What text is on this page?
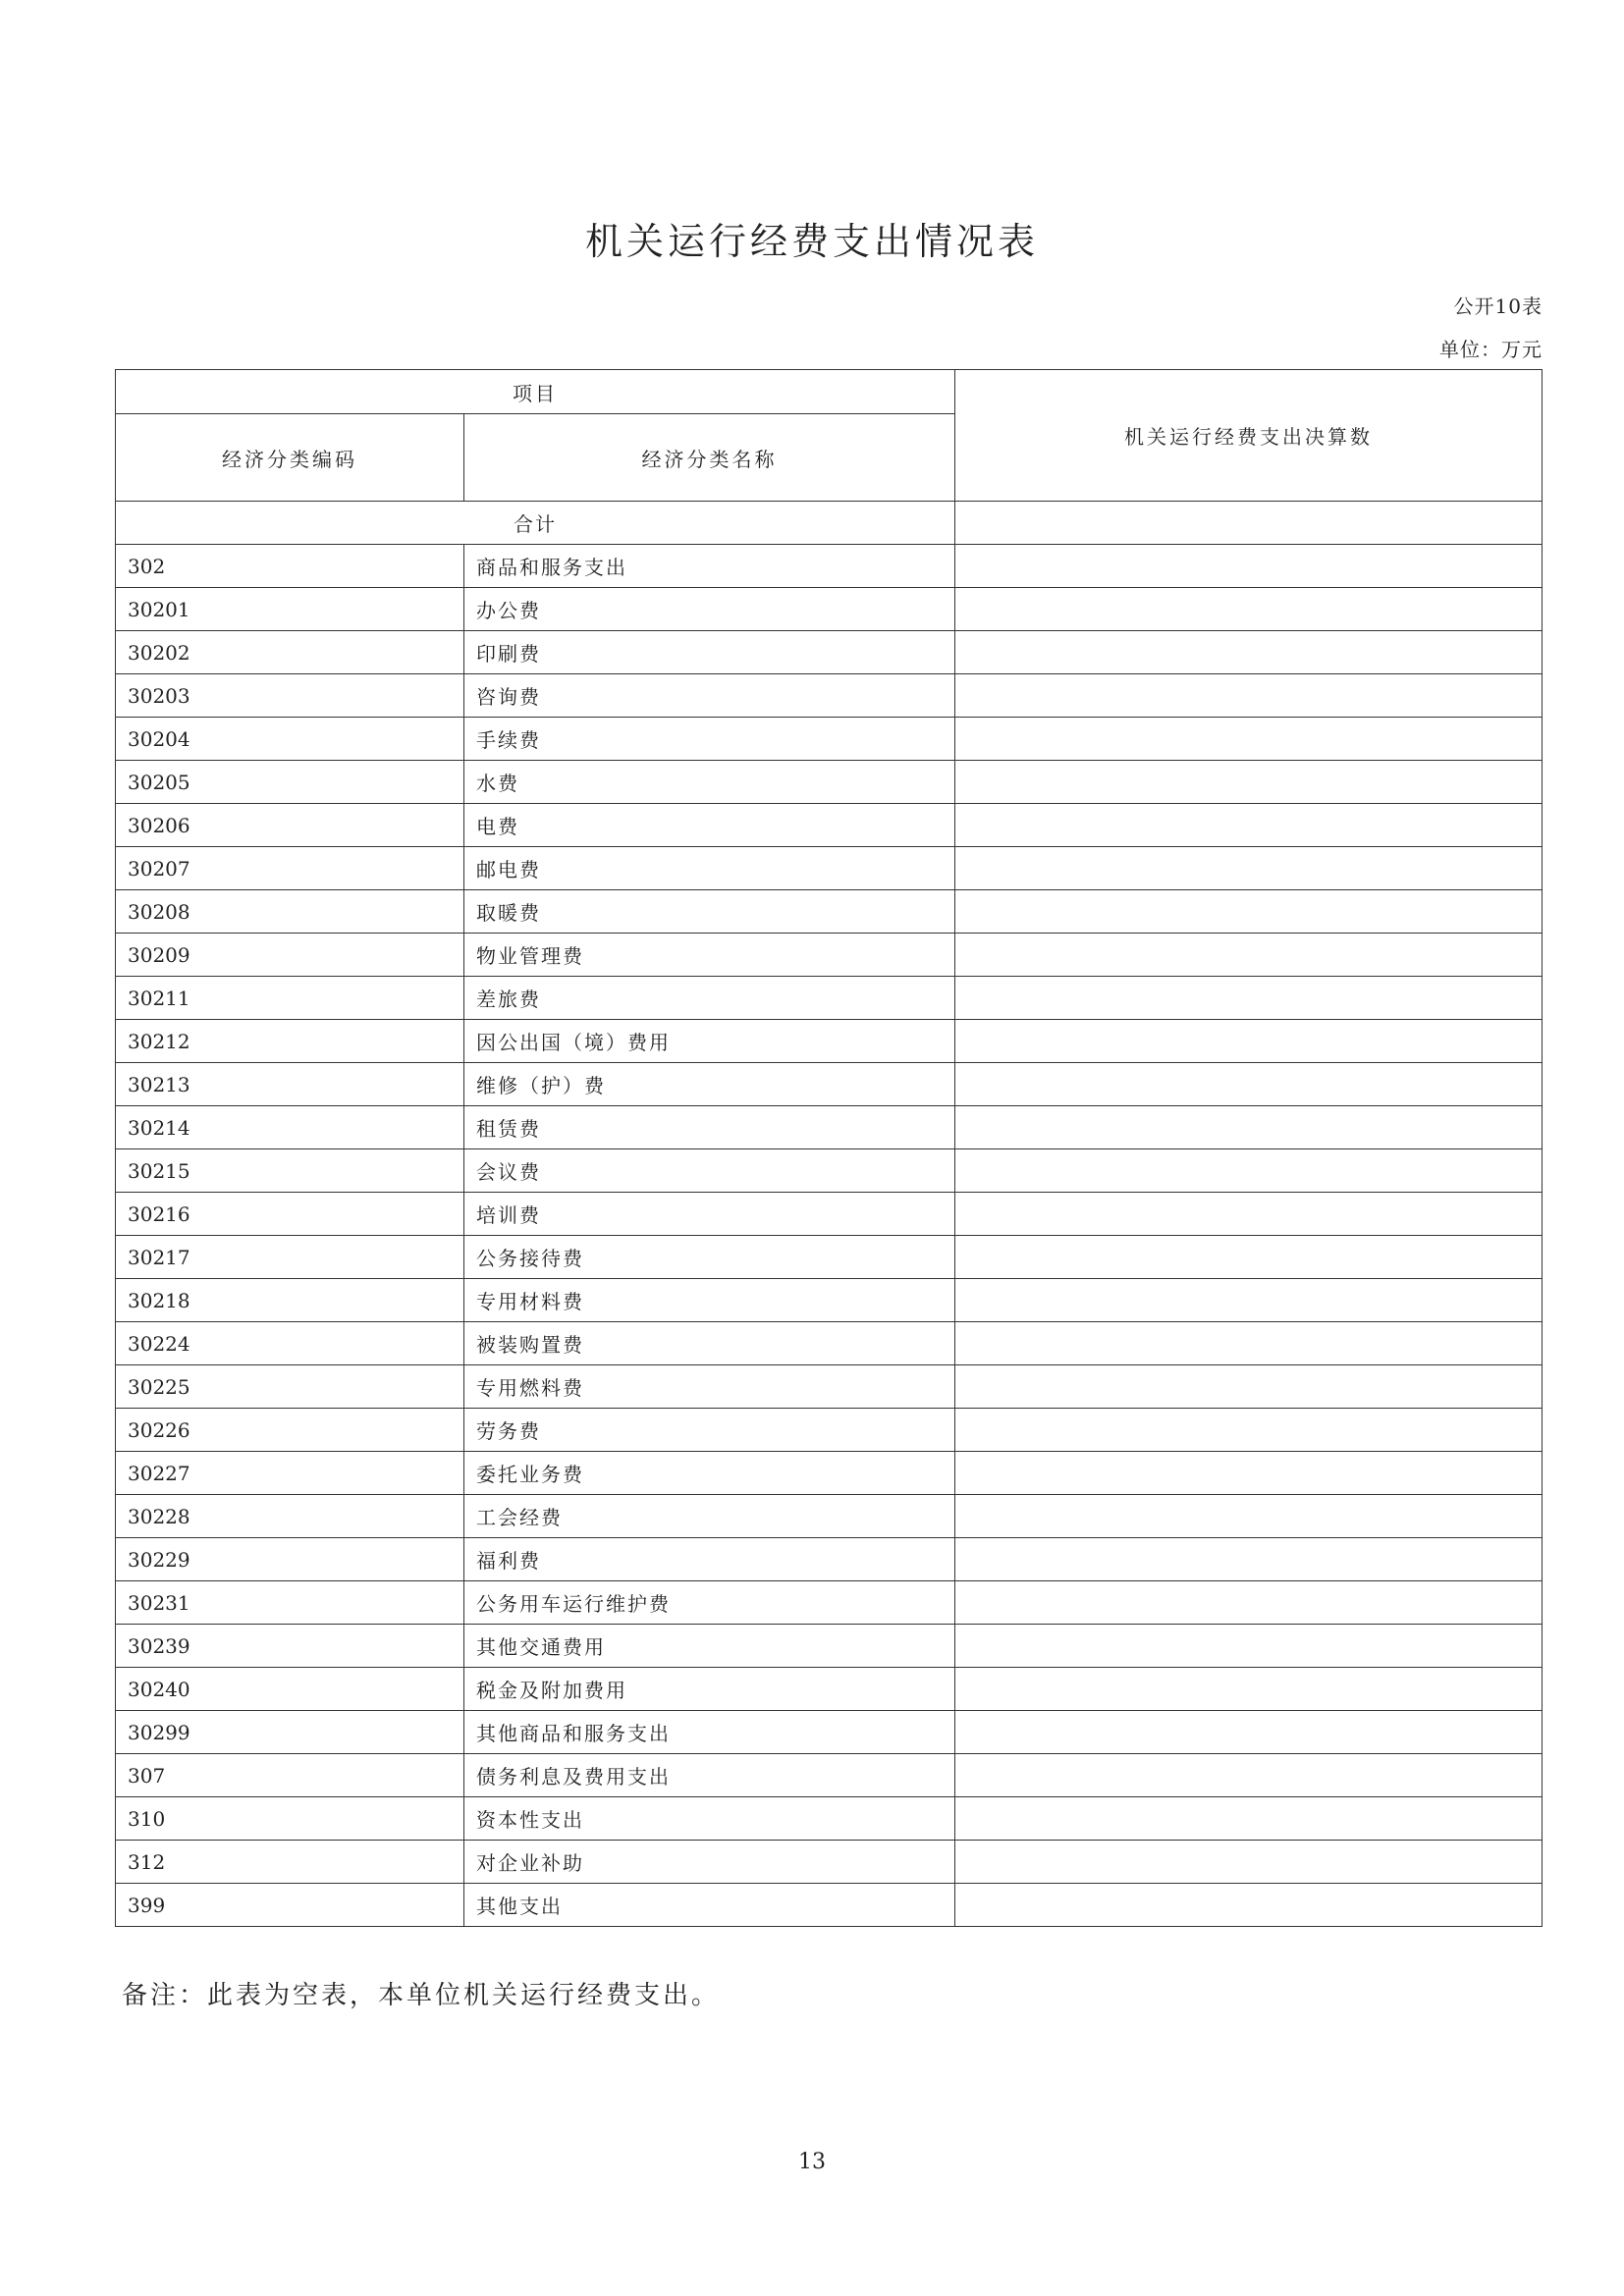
机关运行经费支出情况表
公开10表
单位：万元
项目		机关运行经费支出决算数
经济分类编码	经济分类名称	
合计		
302	商品和服务支出	
30201	办公费	
30202	印刷费	
30203	咨询费	
30204	手续费	
30205	水费	
30206	电费	
30207	邮电费	
30208	取暖费	
30209	物业管理费	
30211	差旅费	
30212	因公出国（境）费用	
30213	维修（护）费	
30214	租赁费	
30215	会议费	
30216	培训费	
30217	公务接待费	
30218	专用材料费	
30224	被装购置费	
30225	专用燃料费	
30226	劳务费	
30227	委托业务费	
30228	工会经费	
30229	福利费	
30231	公务用车运行维护费	
30239	其他交通费用	
30240	税金及附加费用	
30299	其他商品和服务支出	
307	债务利息及费用支出	
310	资本性支出	
312	对企业补助	
399	其他支出	
备注：此表为空表，本单位机关运行经费支出。
13
